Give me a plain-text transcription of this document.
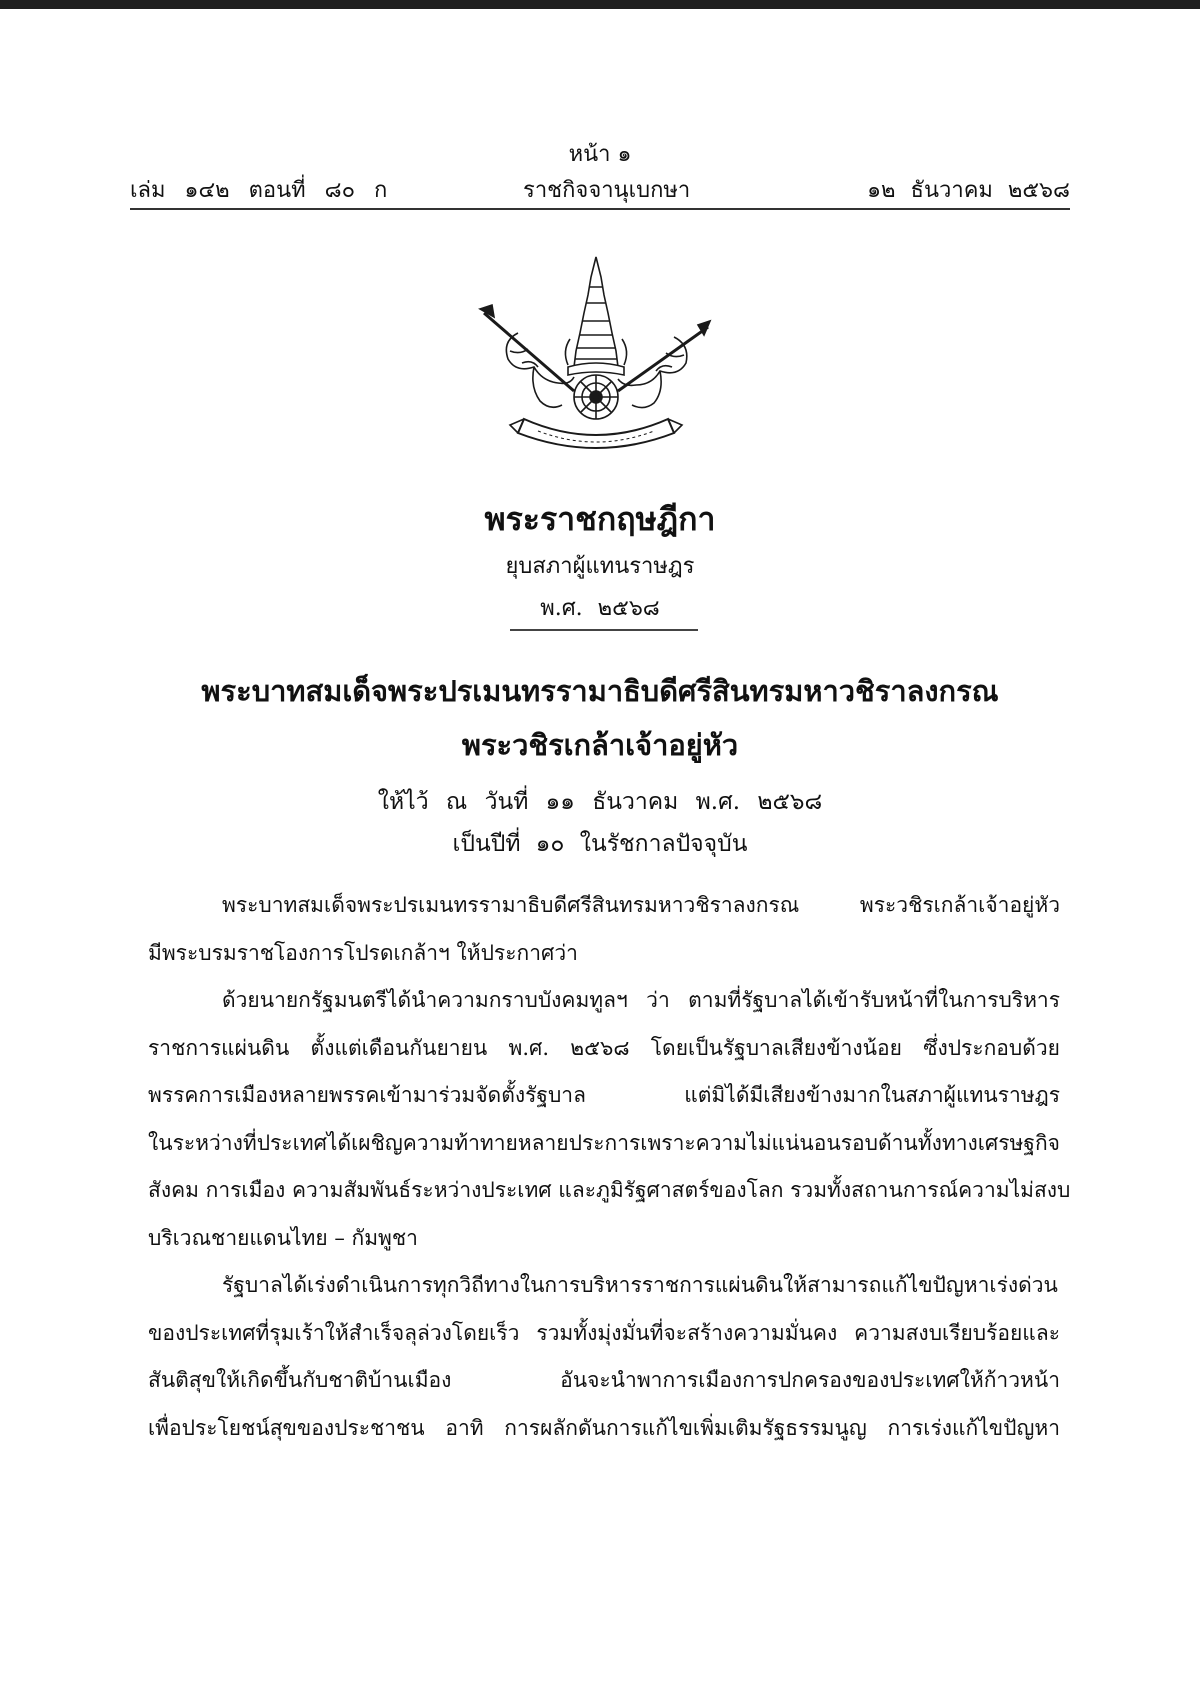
หน้า ๑
เล่ม ๑๔๒ ตอนที่ ๘๐ ก	ราชกิจจานุเบกษา	๑๒ ธันวาคม ๒๕๖๘
พระราชกฤษฎีกา
ยุบสภาผู้แทนราษฎร
พ.ศ. ๒๕๖๘
พระบาทสมเด็จพระปรเมนทรรามาธิบดีศรีสินทรมหาวชิราลงกรณ
พระวชิรเกล้าเจ้าอยู่หัว
ให้ไว้ ณ วันที่ ๑๑ ธันวาคม พ.ศ. ๒๕๖๘
เป็นปีที่ ๑๐ ในรัชกาลปัจจุบัน
พระบาทสมเด็จพระปรเมนทรรามาธิบดีศรีสินทรมหาวชิราลงกรณ พระวชิรเกล้าเจ้าอยู่หัว
มีพระบรมราชโองการโปรดเกล้าฯ ให้ประกาศว่า
ด้วยนายกรัฐมนตรีได้นำความกราบบังคมทูลฯ ว่า ตามที่รัฐบาลได้เข้ารับหน้าที่ในการบริหาร
ราชการแผ่นดิน ตั้งแต่เดือนกันยายน พ.ศ. ๒๕๖๘ โดยเป็นรัฐบาลเสียงข้างน้อย ซึ่งประกอบด้วย
พรรคการเมืองหลายพรรคเข้ามาร่วมจัดตั้งรัฐบาล แต่มิได้มีเสียงข้างมากในสภาผู้แทนราษฎร
ในระหว่างที่ประเทศได้เผชิญความท้าทายหลายประการเพราะความไม่แน่นอนรอบด้านทั้งทางเศรษฐกิจ
สังคม การเมือง ความสัมพันธ์ระหว่างประเทศ และภูมิรัฐศาสตร์ของโลก รวมทั้งสถานการณ์ความไม่สงบ
บริเวณชายแดนไทย – กัมพูชา
รัฐบาลได้เร่งดำเนินการทุกวิถีทางในการบริหารราชการแผ่นดินให้สามารถแก้ไขปัญหาเร่งด่วน
ของประเทศที่รุมเร้าให้สำเร็จลุล่วงโดยเร็ว รวมทั้งมุ่งมั่นที่จะสร้างความมั่นคง ความสงบเรียบร้อยและ
สันติสุขให้เกิดขึ้นกับชาติบ้านเมือง อันจะนำพาการเมืองการปกครองของประเทศให้ก้าวหน้า
เพื่อประโยชน์สุขของประชาชน อาทิ การผลักดันการแก้ไขเพิ่มเติมรัฐธรรมนูญ การเร่งแก้ไขปัญหา
